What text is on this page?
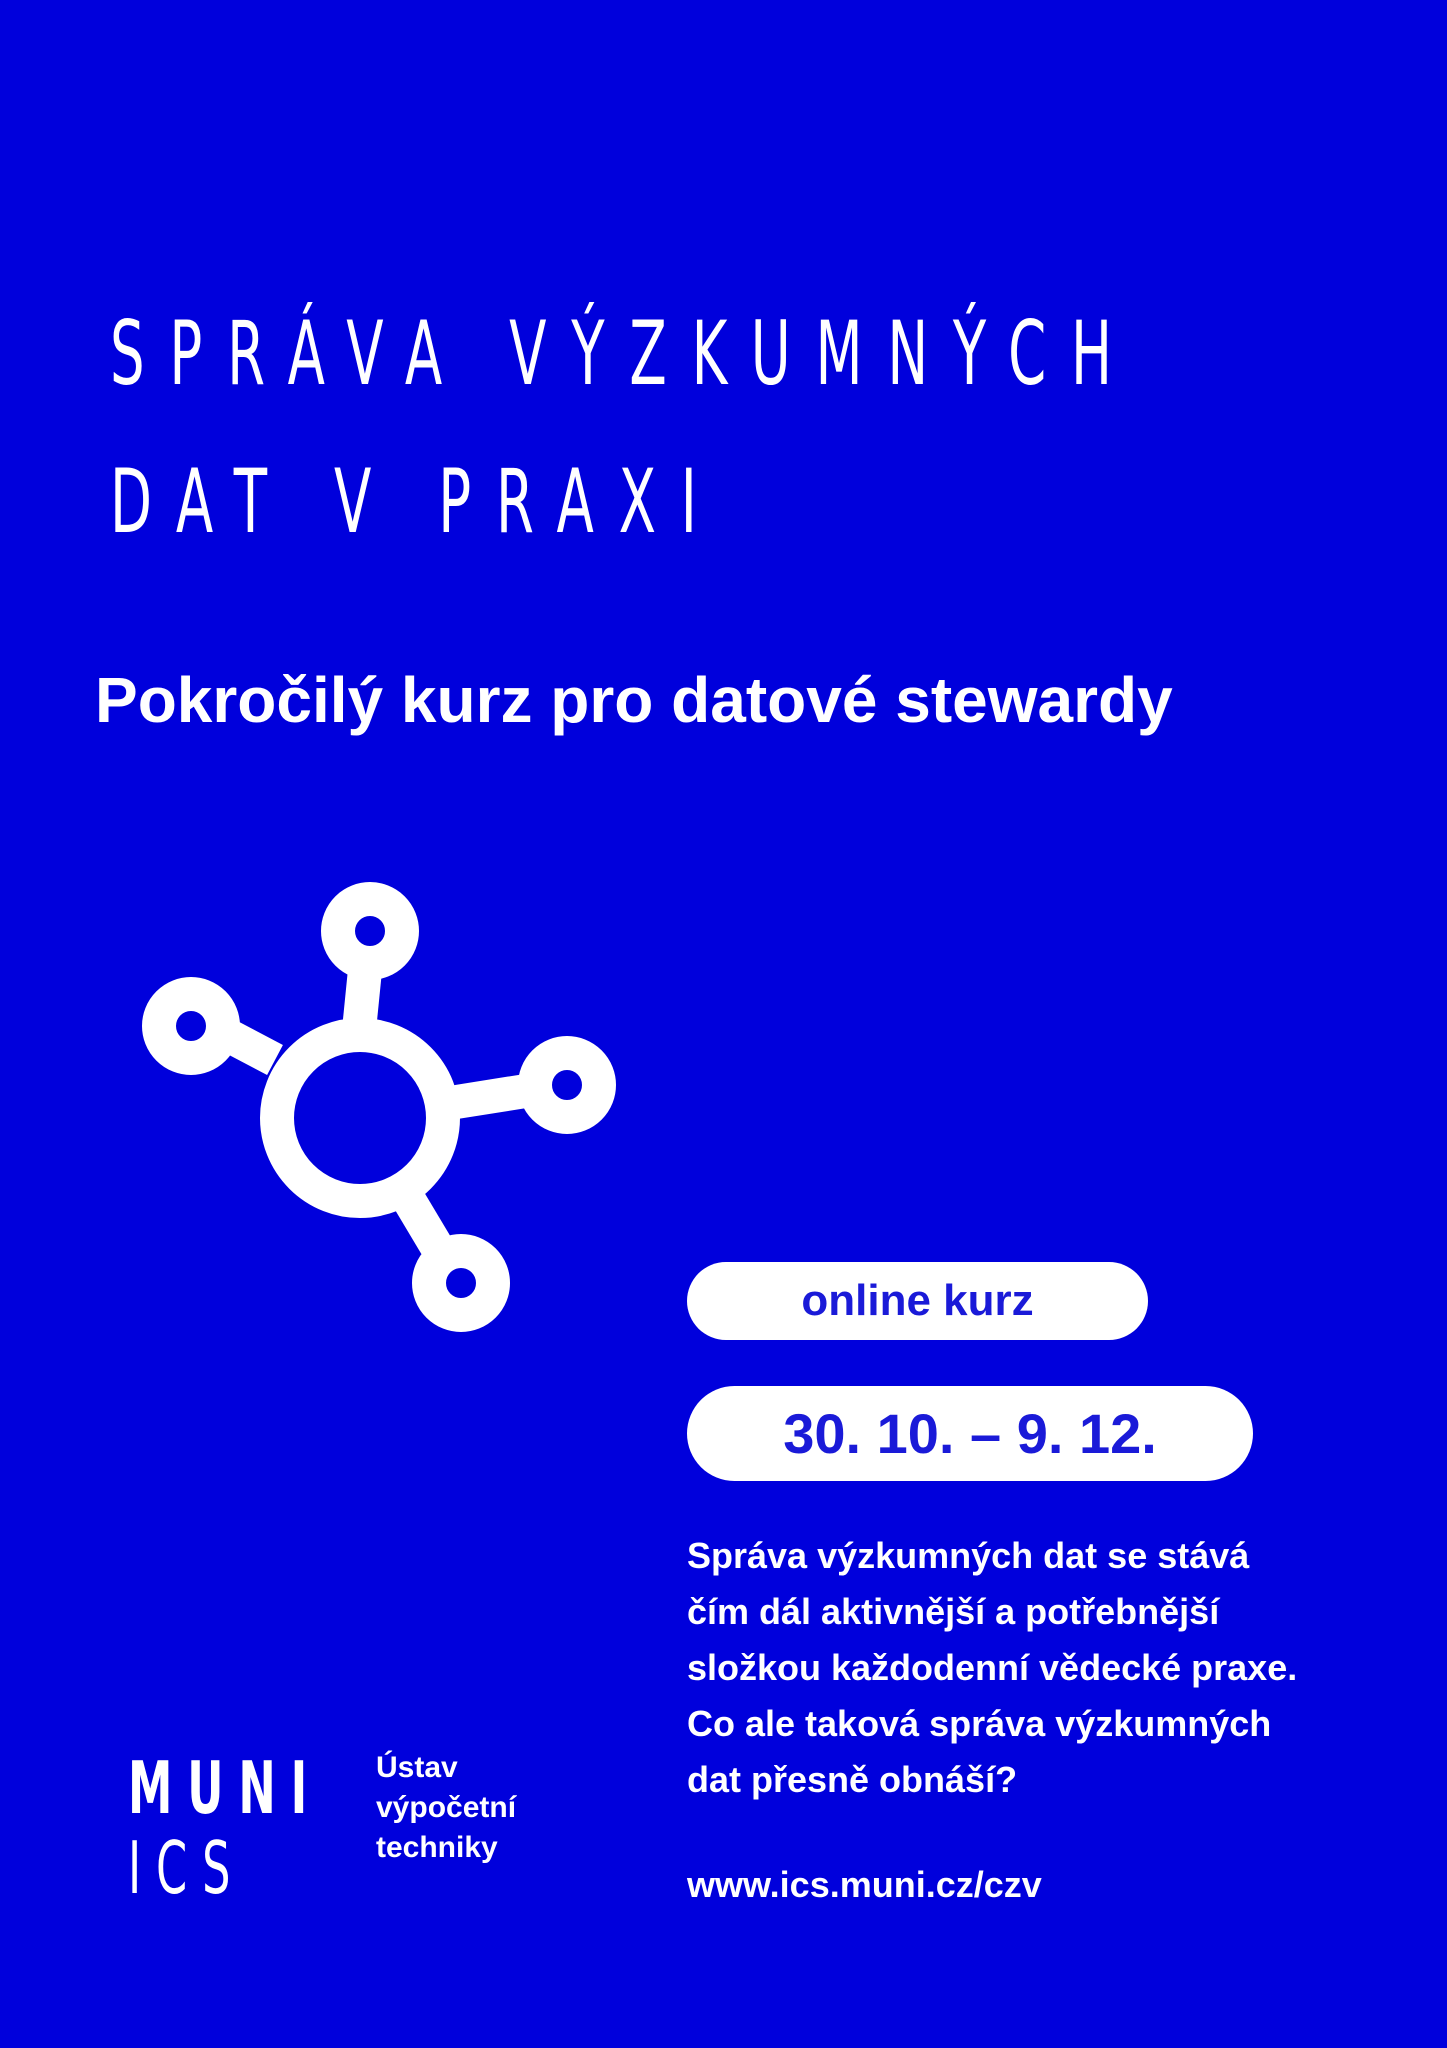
SPRÁVA VÝZKUMNÝCH
DAT V PRAXI
Pokročilý kurz pro datové stewardy
online kurz
30. 10. – 9. 12.

Správa výzkumných dat se stává
čím dál aktivnější a potřebnější
složkou každodenní vědecké praxe.
Co ale taková správa výzkumných
dat přesně obnáší?

www.ics.muni.cz/czv

MUNI
ICS

Ústav
výpočetní
techniky
